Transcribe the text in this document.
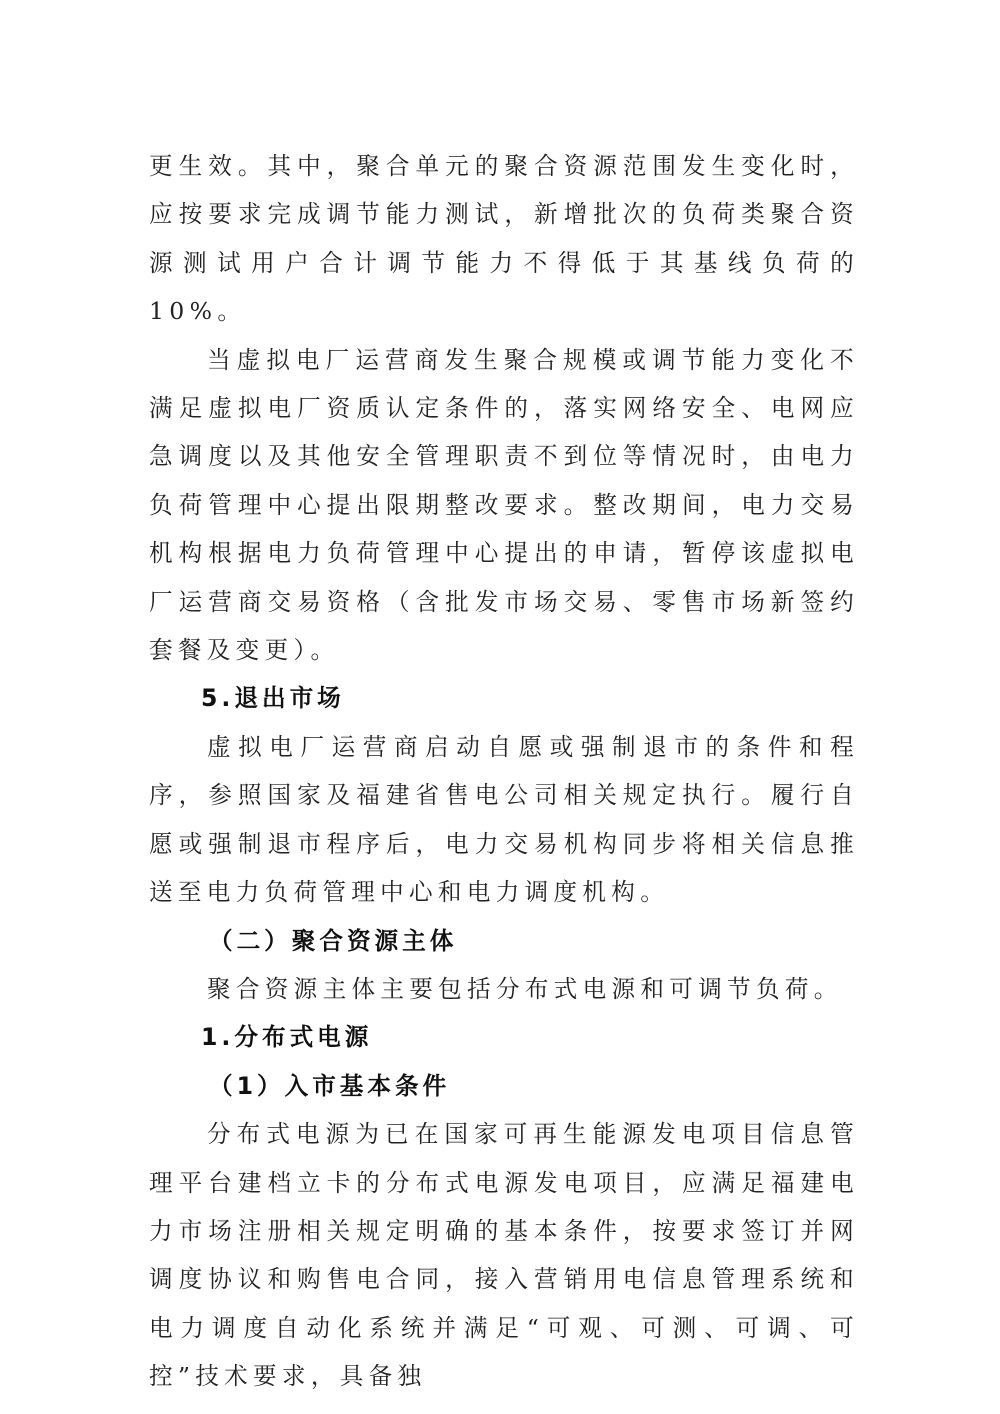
更生效。其中，聚合单元的聚合资源范围发生变化时，应按要求完成调节能力测试，新增批次的负荷类聚合资源测试用户合计调节能力不得低于其基线负荷的 10%。

当虚拟电厂运营商发生聚合规模或调节能力变化不满足虚拟电厂资质认定条件的，落实网络安全、电网应急调度以及其他安全管理职责不到位等情况时，由电力负荷管理中心提出限期整改要求。整改期间，电力交易机构根据电力负荷管理中心提出的申请，暂停该虚拟电厂运营商交易资格（含批发市场交易、零售市场新签约套餐及变更）。

5.退出市场

虚拟电厂运营商启动自愿或强制退市的条件和程序，参照国家及福建省售电公司相关规定执行。履行自愿或强制退市程序后，电力交易机构同步将相关信息推送至电力负荷管理中心和电力调度机构。

（二）聚合资源主体

聚合资源主体主要包括分布式电源和可调节负荷。

1.分布式电源

（1）入市基本条件

分布式电源为已在国家可再生能源发电项目信息管理平台建档立卡的分布式电源发电项目，应满足福建电力市场注册相关规定明确的基本条件，按要求签订并网调度协议和购售电合同，接入营销用电信息管理系统和电力调度自动化系统并满足“可观、可测、可调、可控”技术要求，具备独
